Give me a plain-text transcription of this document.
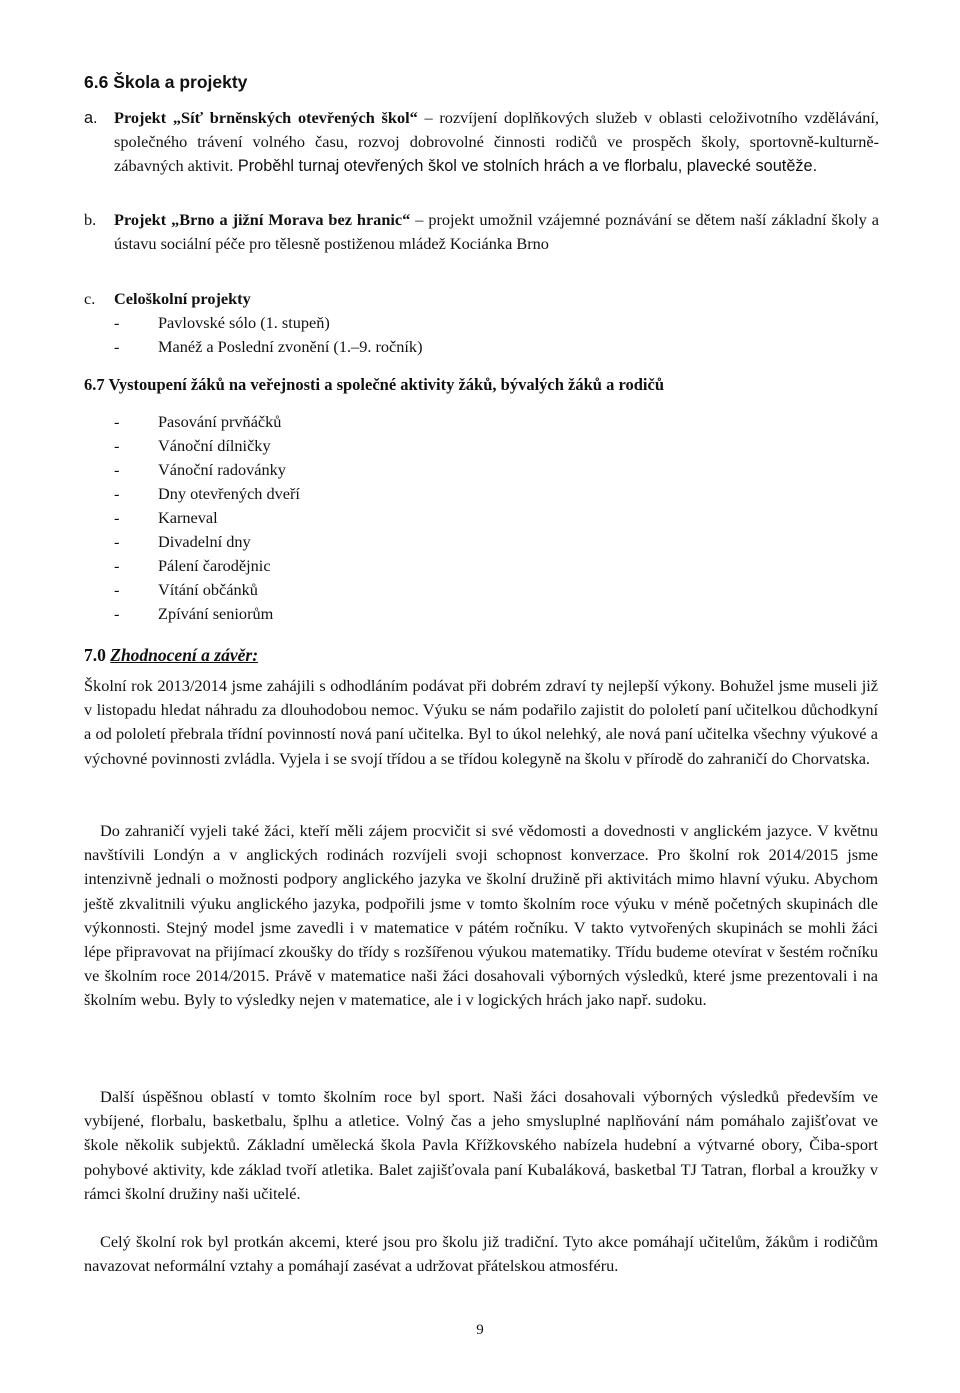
6.6 Škola a projekty
a. Projekt „Síť brněnských otevřených škol“ – rozvíjení doplňkových služeb v oblasti celoživotního vzdělávání, společného trávení volného času, rozvoj dobrovolné činnosti rodičů ve prospěch školy, sportovně-kulturně-zábavných aktivit. Proběhl turnaj otevřených škol ve stolních hrách a ve florbalu, plavecké soutěže.
b. Projekt „Brno a jižní Morava bez hranic“ – projekt umožnil vzájemné poznávání se dětem naší základní školy a ústavu sociální péče pro tělesně postiženou mládež Kociánka Brno
c. Celoškolní projekty
- Pavlovské sólo (1. stupeň)
- Manéž a Poslední zvonění (1.–9. ročník)
6.7 Vystoupení žáků na veřejnosti a společné aktivity žáků, bývalých žáků a rodičů
- Pasování prvňáčků
- Vánoční dílničky
- Vánoční radovánky
- Dny otevřených dveří
- Karneval
- Divadelní dny
- Pálení čarodějnic
- Vítání občánků
- Zpívání seniorům
7.0 Zhodnocení a závěr:

Školní rok 2013/2014 jsme zahájili s odhodláním podávat při dobrém zdraví ty nejlepší výkony. Bohužel jsme museli již v listopadu hledat náhradu za dlouhodobou nemoc. Výuku se nám podařilo zajistit do pololetí paní učitelkou důchodkyní a od pololetí přebrala třídní povinností nová paní učitelka. Byl to úkol nelehký, ale nová paní učitelka všechny výukové a výchovné povinnosti zvládla. Vyjela i se svojí třídou a se třídou kolegyně na školu v přírodě do zahraničí do Chorvatska.

Do zahraničí vyjeli také žáci, kteří měli zájem procvičit si své vědomosti a dovednosti v anglickém jazyce. V květnu navštívili Londýn a v anglických rodinách rozvíjeli svoji schopnost konverzace. Pro školní rok 2014/2015 jsme intenzivně jednali o možnosti podpory anglického jazyka ve školní družině při aktivitách mimo hlavní výuku. Abychom ještě zkvalitnili výuku anglického jazyka, podpořili jsme v tomto školním roce výuku v méně početných skupinách dle výkonnosti. Stejný model jsme zavedli i v matematice v pátém ročníku. V takto vytvořených skupinách se mohli žáci lépe připravovat na přijímací zkoušky do třídy s rozšířenou výukou matematiky. Třídu budeme otevírat v šestém ročníku ve školním roce 2014/2015. Právě v matematice naši žáci dosahovali výborných výsledků, které jsme prezentovali i na školním webu. Byly to výsledky nejen v matematice, ale i v logických hrách jako např. sudoku.

Další úspěšnou oblastí v tomto školním roce byl sport. Naši žáci dosahovali výborných výsledků především ve vybíjené, florbalu, basketbalu, šplhu a atletice. Volný čas a jeho smysluplné naplňování nám pomáhalo zajišťovat ve škole několik subjektů. Základní umělecká škola Pavla Křížkovského nabízela hudební a výtvarné obory, Čiba-sport pohybové aktivity, kde základ tvoří atletika. Balet zajišťovala paní Kubaláková, basketbal TJ Tatran, florbal a kroužky v rámci školní družiny naši učitelé.

Celý školní rok byl protkán akcemi, které jsou pro školu již tradiční. Tyto akce pomáhají učitelům, žákům i rodičům navazovat neformální vztahy a pomáhají zasévat a udržovat přátelskou atmosféru.

9
